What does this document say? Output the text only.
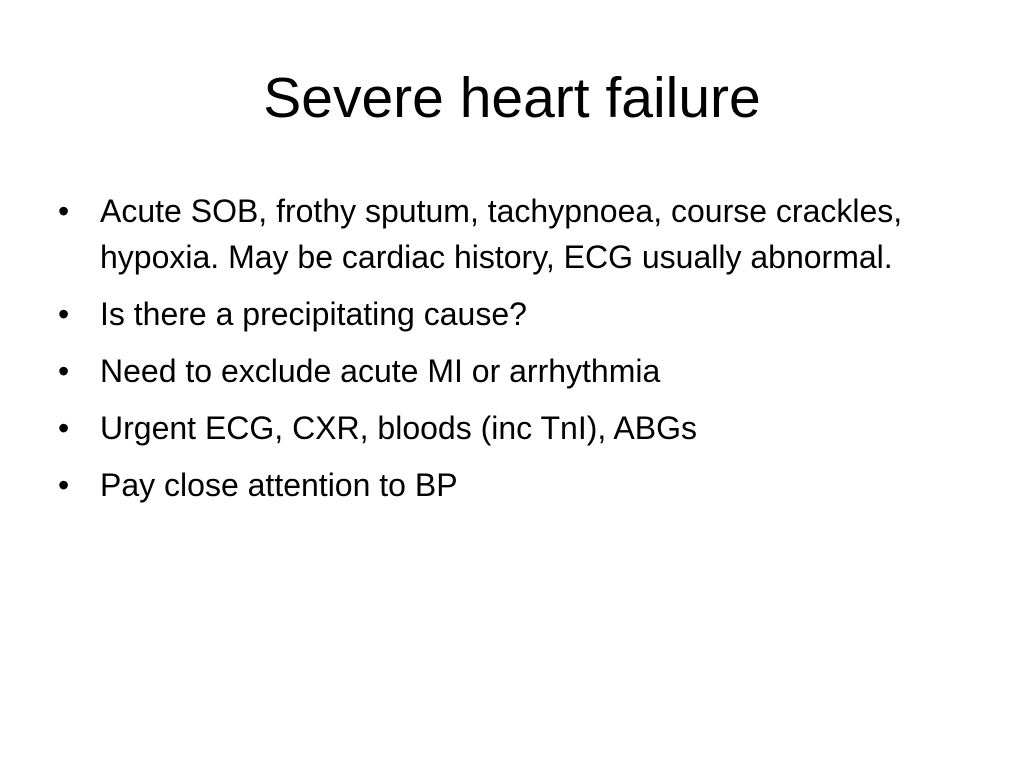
Severe heart failure
• Acute SOB, frothy sputum, tachypnoea, course crackles, hypoxia. May be cardiac history, ECG usually abnormal.
• Is there a precipitating cause?
• Need to exclude acute MI or arrhythmia
• Urgent ECG, CXR, bloods (inc TnI), ABGs
• Pay close attention to BP
